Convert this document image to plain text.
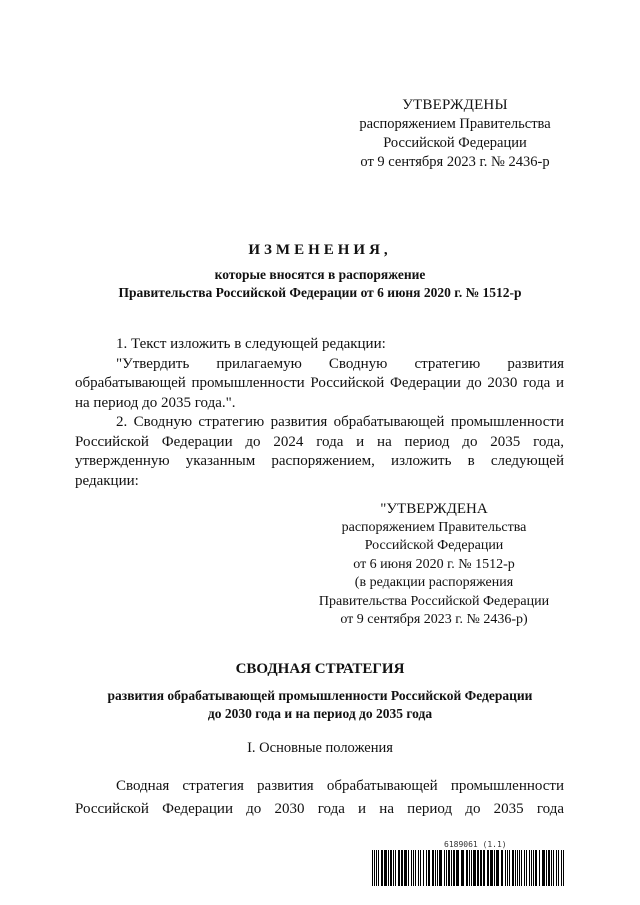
УТВЕРЖДЕНЫ
распоряжением Правительства
Российской Федерации
от 9 сентября 2023 г. № 2436-р
ИЗМЕНЕНИЯ,
которые вносятся в распоряжение
Правительства Российской Федерации от 6 июня 2020 г. № 1512-р

1. Текст изложить в следующей редакции:

"Утвердить прилагаемую Сводную стратегию развития обрабатывающей промышленности Российской Федерации до 2030 года и на период до 2035 года.".

2. Сводную стратегию развития обрабатывающей промышленности Российской Федерации до 2024 года и на период до 2035 года, утвержденную указанным распоряжением, изложить в следующей редакции:

"УТВЕРЖДЕНА
распоряжением Правительства
Российской Федерации
от 6 июня 2020 г. № 1512-р
(в редакции распоряжения
Правительства Российской Федерации
от 9 сентября 2023 г. № 2436-р)
СВОДНАЯ СТРАТЕГИЯ
развития обрабатывающей промышленности Российской Федерации
до 2030 года и на период до 2035 года
I. Основные положения

Сводная стратегия развития обрабатывающей промышленности Российской Федерации до 2030 года и на период до 2035 года

6189061 (1.1)
